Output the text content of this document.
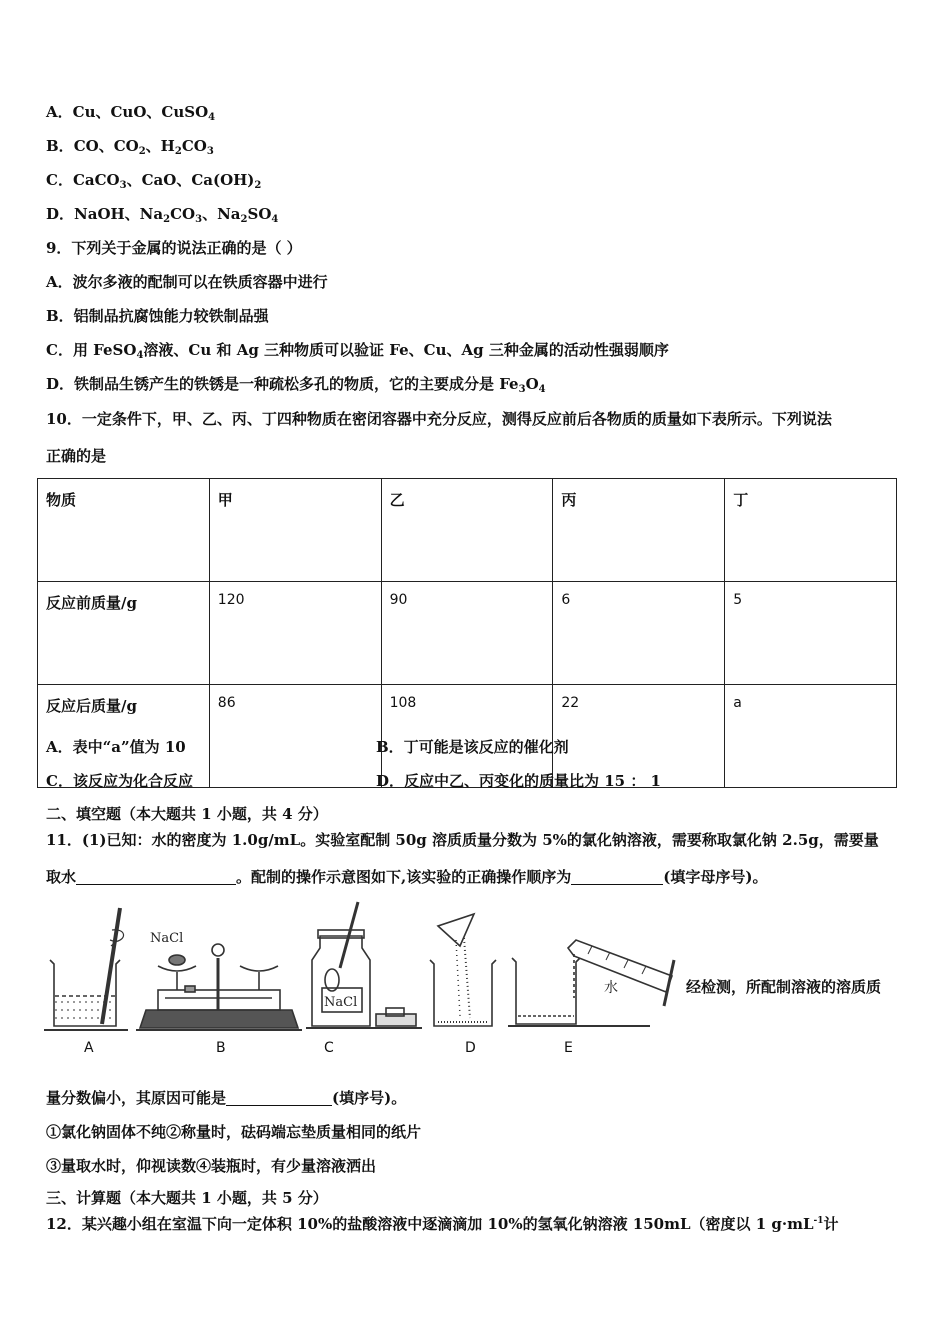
A．Cu、CuO、CuSO$_4$
B．CO、$CO_2$、$H_2CO_3$
C．CaCO$_3$、CaO、$Ca(OH)_2$
D．NaOH、$Na_2CO_3$、$Na_2SO_4$
9．下列关于金属的说法正确的是（ ）
A．波尔多液的配制可以在铁质容器中进行
B．铝制品抗腐蚀能力较铁制品强
C．用 FeSO$_4$溶液、Cu 和 Ag 三种物质可以验证 Fe、Cu、Ag 三种金属的活动性强弱顺序
D．铁制品生锈产生的铁锈是一种疏松多孔的物质，它的主要成分是 $Fe_3O_4$
10．一定条件下，甲、乙、丙、丁四种物质在密闭容器中充分反应，测得反应前后各物质的质量如下表所示。下列说法
正确的是
物质	甲	乙	丙	丁
反应前质量/g	120	90	6	5
反应后质量/g	86	108	22	a
A．表中“a”值为 10	B．丁可能是该反应的催化剂
C．该反应为化合反应	D．反应中乙、丙变化的质量比为 15 ： 1
二、填空题（本大题共 1 小题，共 4 分）
11．(1)已知：水的密度为 1.0g/mL。实验室配制 50g 溶质质量分数为 5%的氯化钠溶液，需要称取氯化钠 2.5g，需要量
取水	。配制的操作示意图如下,该实验的正确操作顺序为	(填字母序号)。
NaCl
NaCl
水	经检测，所配制溶液的溶质质
A	B	C	D	E
量分数偏小，其原因可能是	(填序号)。
①氯化钠固体不纯②称量时，砝码端忘垫质量相同的纸片
③量取水时，仰视读数④装瓶时，有少量溶液洒出
三、计算题（本大题共 1 小题，共 5 分）
12．某兴趣小组在室温下向一定体积 10%的盐酸溶液中逐滴滴加 10%的氢氧化钠溶液 150mL（密度以 1 $g\cdot mL^{-1}$计
